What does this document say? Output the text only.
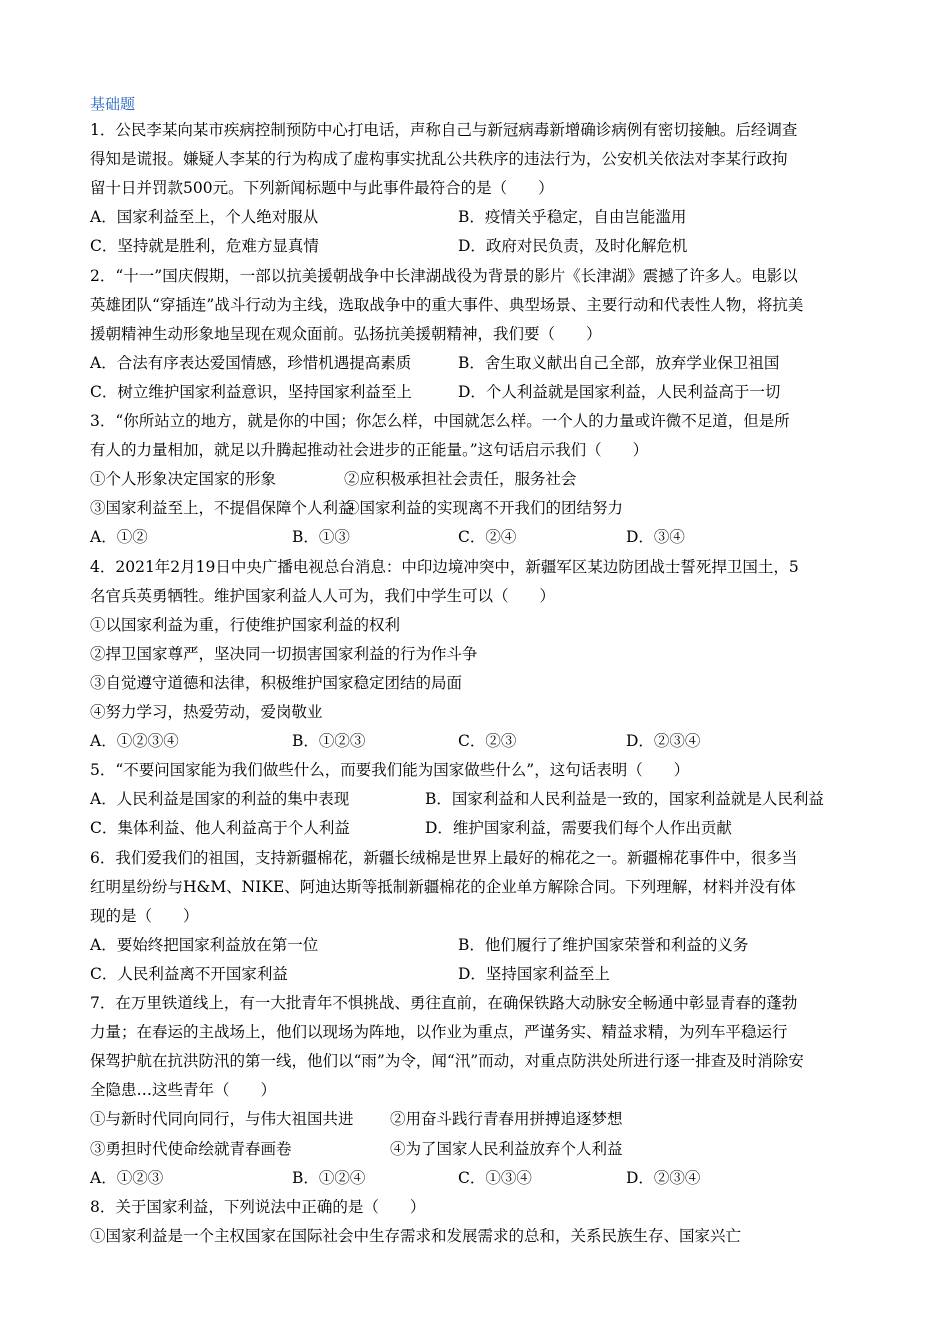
基础题
1．公民李某向某市疾病控制预防中心打电话，声称自己与新冠病毒新增确诊病例有密切接触。后经调查
得知是谎报。嫌疑人李某的行为构成了虚构事实扰乱公共秩序的违法行为，公安机关依法对李某行政拘
留十日并罚款500元。下列新闻标题中与此事件最符合的是（　　）
A．国家利益至上，个人绝对服从	B．疫情关乎稳定，自由岂能滥用
C．坚持就是胜利，危难方显真情	D．政府对民负责，及时化解危机
2．“十一”国庆假期，一部以抗美援朝战争中长津湖战役为背景的影片《长津湖》震撼了许多人。电影以
英雄团队“穿插连”战斗行动为主线，选取战争中的重大事件、典型场景、主要行动和代表性人物，将抗美
援朝精神生动形象地呈现在观众面前。弘扬抗美援朝精神，我们要（　　）
A．合法有序表达爱国情感，珍惜机遇提高素质	B．舍生取义献出自己全部，放弃学业保卫祖国
C．树立维护国家利益意识，坚持国家利益至上	D．个人利益就是国家利益，人民利益高于一切
3．“你所站立的地方，就是你的中国；你怎么样，中国就怎么样。一个人的力量或许微不足道，但是所
有人的力量相加，就足以升腾起推动社会进步的正能量。”这句话启示我们（　　）
①个人形象决定国家的形象	②应积极承担社会责任，服务社会
③国家利益至上，不提倡保障个人利益
④国家利益的实现离不开我们的团结努力
A．①②	B．①③	C．②④	D．③④
4．2021年2月19日中央广播电视总台消息：中印边境冲突中，新疆军区某边防团战士誓死捍卫国土，5
名官兵英勇牺牲。维护国家利益人人可为，我们中学生可以（　　）
①以国家利益为重，行使维护国家利益的权利
②捍卫国家尊严，坚决同一切损害国家利益的行为作斗争
③自觉遵守道德和法律，积极维护国家稳定团结的局面
④努力学习，热爱劳动，爱岗敬业
A．①②③④	B．①②③	C．②③	D．②③④
5．“不要问国家能为我们做些什么，而要我们能为国家做些什么”，这句话表明（　　）
A．人民利益是国家的利益的集中表现	B．国家利益和人民利益是一致的，国家利益就是人民利益
C．集体利益、他人利益高于个人利益	D．维护国家利益，需要我们每个人作出贡献
6．我们爱我们的祖国，支持新疆棉花，新疆长绒棉是世界上最好的棉花之一。新疆棉花事件中，很多当
红明星纷纷与H&M、NIKE、阿迪达斯等抵制新疆棉花的企业单方解除合同。下列理解，材料并没有体
现的是（　　）
A．要始终把国家利益放在第一位	B．他们履行了维护国家荣誉和利益的义务
C．人民利益离不开国家利益	D．坚持国家利益至上
7．在万里铁道线上，有一大批青年不惧挑战、勇往直前，在确保铁路大动脉安全畅通中彰显青春的蓬勃
力量；在春运的主战场上，他们以现场为阵地，以作业为重点，严谨务实、精益求精，为列车平稳运行
保驾护航在抗洪防汛的第一线，他们以“雨”为令，闻“汛”而动，对重点防洪处所进行逐一排查及时消除安
全隐患…这些青年（　　）
①与新时代同向同行，与伟大祖国共进 ②用奋斗践行青春用拼搏追逐梦想
③勇担时代使命绘就青春画卷	④为了国家人民利益放弃个人利益
A．①②③	B．①②④	C．①③④	D．②③④
8．关于国家利益，下列说法中正确的是（　　）
①国家利益是一个主权国家在国际社会中生存需求和发展需求的总和，关系民族生存、国家兴亡
